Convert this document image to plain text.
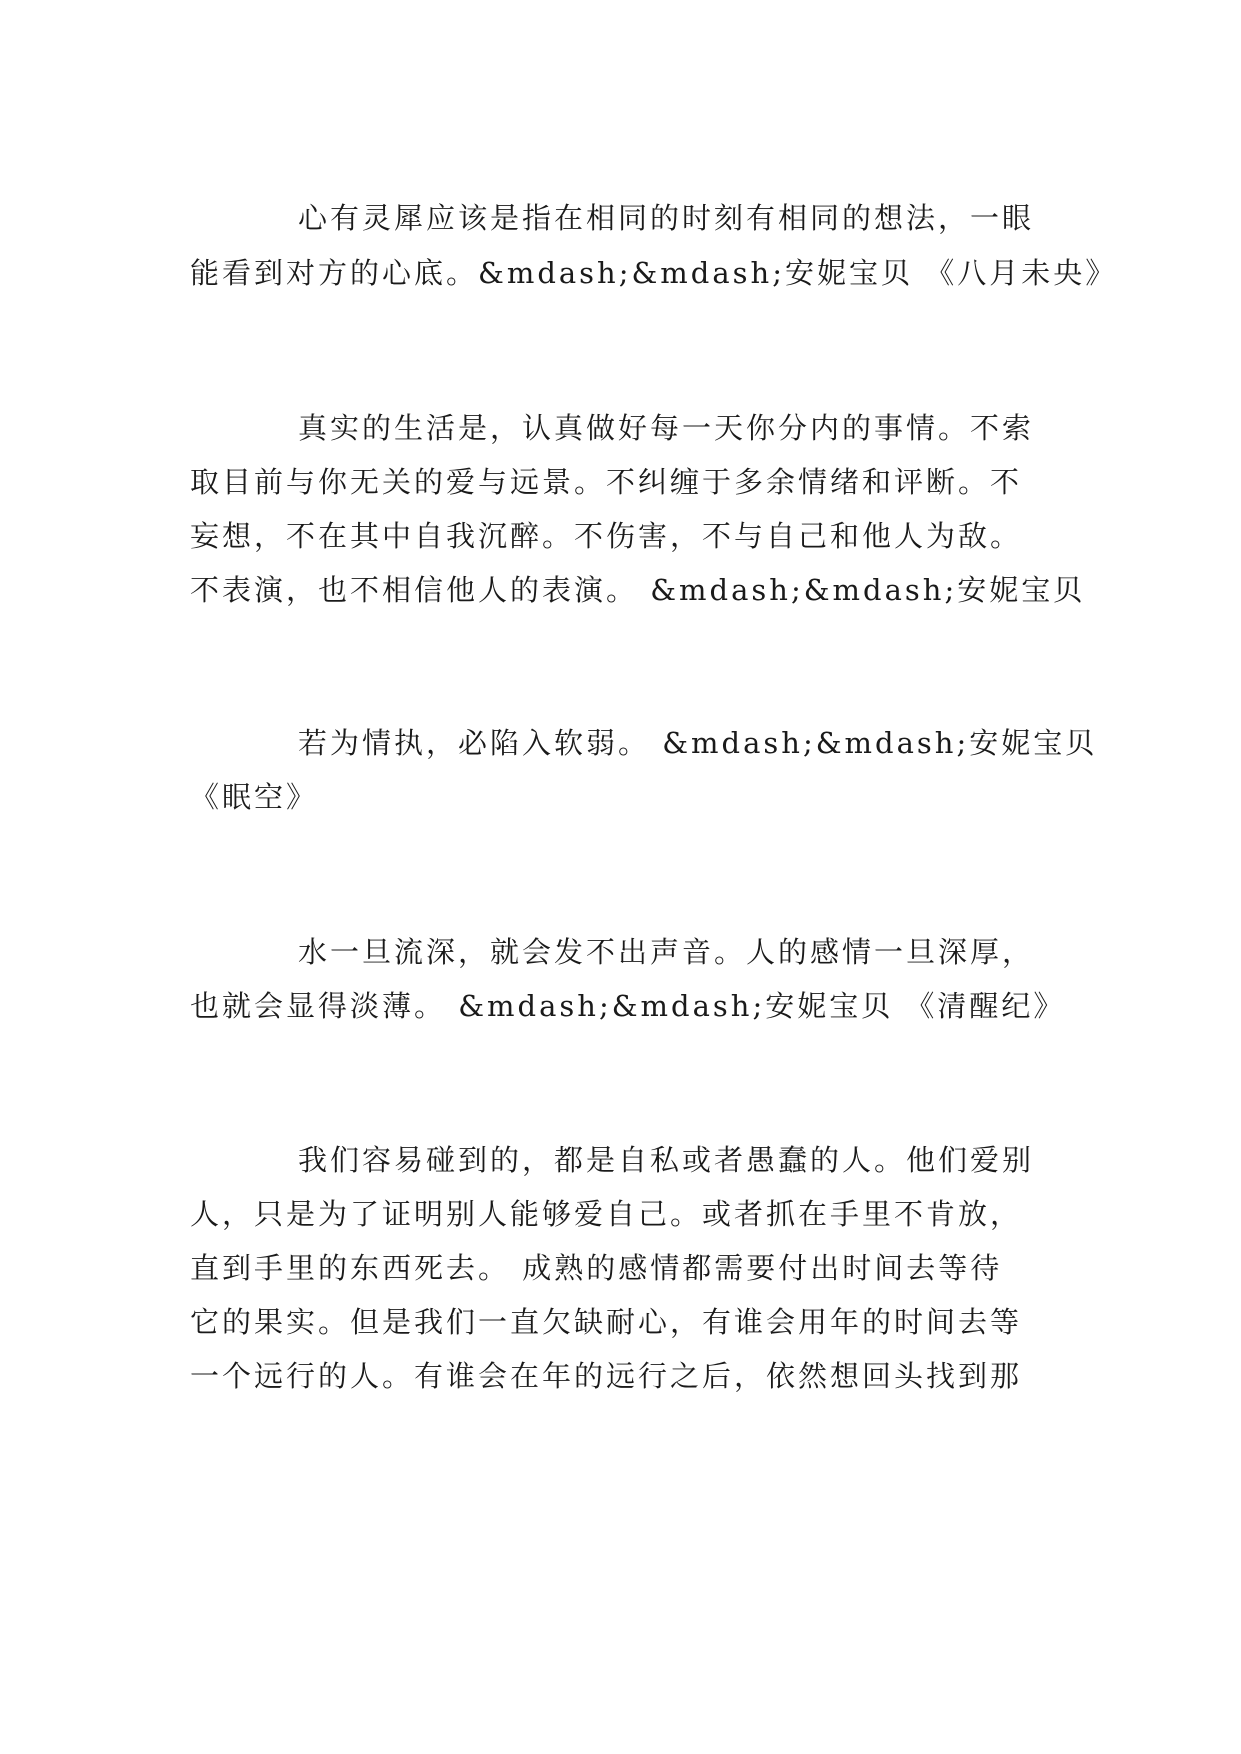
心有灵犀应该是指在相同的时刻有相同的想法，一眼
能看到对方的心底。&mdash;&mdash;安妮宝贝 《八月未央》
真实的生活是，认真做好每一天你分内的事情。不索
取目前与你无关的爱与远景。不纠缠于多余情绪和评断。不
妄想，不在其中自我沉醉。不伤害，不与自己和他人为敌。
不表演，也不相信他人的表演。 &mdash;&mdash;安妮宝贝
若为情执，必陷入软弱。 &mdash;&mdash;安妮宝贝
《眠空》
水一旦流深，就会发不出声音。人的感情一旦深厚，
也就会显得淡薄。 &mdash;&mdash;安妮宝贝 《清醒纪》
我们容易碰到的，都是自私或者愚蠢的人。他们爱别
人，只是为了证明别人能够爱自己。或者抓在手里不肯放，
直到手里的东西死去。 成熟的感情都需要付出时间去等待
它的果实。但是我们一直欠缺耐心，有谁会用年的时间去等
一个远行的人。有谁会在年的远行之后，依然想回头找到那
